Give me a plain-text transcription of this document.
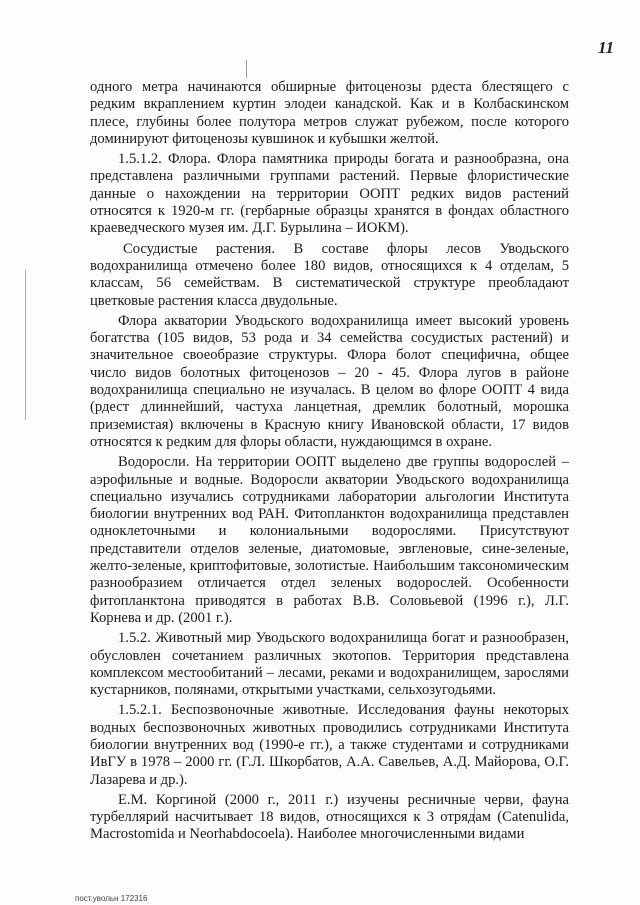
11

одного метра начинаются обширные фитоценозы рдеста блестящего с редким вкраплением куртин элодеи канадской. Как и в Колбаскинском плесе, глубины более полутора метров служат рубежом, после которого доминируют фитоценозы кувшинок и кубышки желтой.

1.5.1.2. Флора. Флора памятника природы богата и разнообразна, она представлена различными группами растений. Первые флористические данные о нахождении на территории ООПТ редких видов растений относятся к 1920-м гг. (гербарные образцы хранятся в фондах областного краеведческого музея им. Д.Г. Бурылина – ИОКМ).

Сосудистые растения. В составе флоры лесов Уводьского водохранилища отмечено более 180 видов, относящихся к 4 отделам, 5 классам, 56 семействам. В систематической структуре преобладают цветковые растения класса двудольные.

Флора акватории Уводьского водохранилища имеет высокий уровень богатства (105 видов, 53 рода и 34 семейства сосудистых растений) и значительное своеобразие структуры. Флора болот специфична, общее число видов болотных фитоценозов – 20 - 45. Флора лугов в районе водохранилища специально не изучалась. В целом во флоре ООПТ 4 вида (рдест длиннейший, частуха ланцетная, дремлик болотный, морошка приземистая) включены в Красную книгу Ивановской области, 17 видов относятся к редким для флоры области, нуждающимся в охране.

Водоросли. На территории ООПТ выделено две группы водорослей – аэрофильные и водные. Водоросли акватории Уводьского водохранилища специально изучались сотрудниками лаборатории альгологии Института биологии внутренних вод РАН. Фитопланктон водохранилища представлен одноклеточными и колониальными водорослями. Присутствуют представители отделов зеленые, диатомовые, эвгленовые, сине-зеленые, желто-зеленые, криптофитовые, золотистые. Наибольшим таксономическим разнообразием отличается отдел зеленых водорослей. Особенности фитопланктона приводятся в работах В.В. Соловьевой (1996 г.), Л.Г. Корнева и др. (2001 г.).

1.5.2. Животный мир Уводьского водохранилища богат и разнообразен, обусловлен сочетанием различных экотопов. Территория представлена комплексом местообитаний – лесами, реками и водохранилищем, зарослями кустарников, полянами, открытыми участками, сельхозугодьями.

1.5.2.1. Беспозвоночные животные. Исследования фауны некоторых водных беспозвоночных животных проводились сотрудниками Института биологии внутренних вод (1990-е гг.), а также студентами и сотрудниками ИвГУ в 1978 – 2000 гг. (Г.Л. Шкорбатов, А.А. Савельев, А.Д. Майорова, О.Г. Лазарева и др.).

Е.М. Коргиной (2000 г., 2011 г.) изучены ресничные черви, фауна турбеллярий насчитывает 18 видов, относящихся к 3 отрядам (Catenulida, Macrostomida и Neorhabdocoela). Наиболее многочисленными видами

пост.увольн 172316
